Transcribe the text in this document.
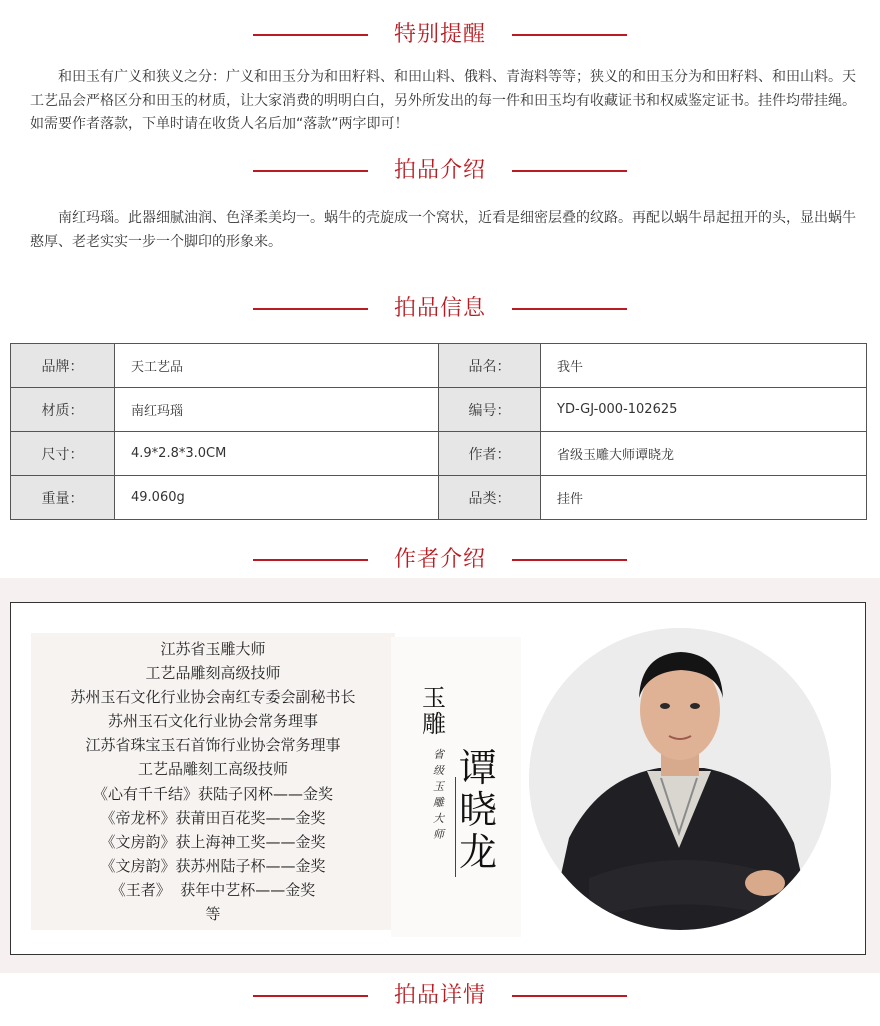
特别提醒
和田玉有广义和狭义之分：广义和田玉分为和田籽料、和田山料、俄料、青海料等等；狭义的和田玉分为和田籽料、和田山料。天工艺品会严格区分和田玉的材质，让大家消费的明明白白，另外所发出的每一件和田玉均有收藏证书和权威鉴定证书。挂件均带挂绳。如需要作者落款，下单时请在收货人名后加“落款”两字即可！
拍品介绍
南红玛瑙。此器细腻油润、色泽柔美均一。蜗牛的壳旋成一个窝状，近看是细密层叠的纹路。再配以蜗牛昂起扭开的头，显出蜗牛憨厚、老老实实一步一个脚印的形象来。
拍品信息
品牌：	天工艺品	品名：	我牛
材质：	南红玛瑙	编号：	YD-GJ-000-102625
尺寸：	4.9*2.8*3.0CM	作者：	省级玉雕大师谭晓龙
重量：	49.060g	品类：	挂件
作者介绍
江苏省玉雕大师
工艺品雕刻高级技师
苏州玉石文化行业协会南红专委会副秘书长
苏州玉石文化行业协会常务理事
江苏省珠宝玉石首饰行业协会常务理事
工艺品雕刻工高级技师
《心有千千结》获陆子冈杯——金奖
《帝龙杯》获莆田百花奖——金奖
《文房韵》获上海神工奖——金奖
《文房韵》获苏州陆子杯——金奖
《王者》  获年中艺杯——金奖
等
玉雕
省级玉雕大师
谭晓龙
拍品详情
